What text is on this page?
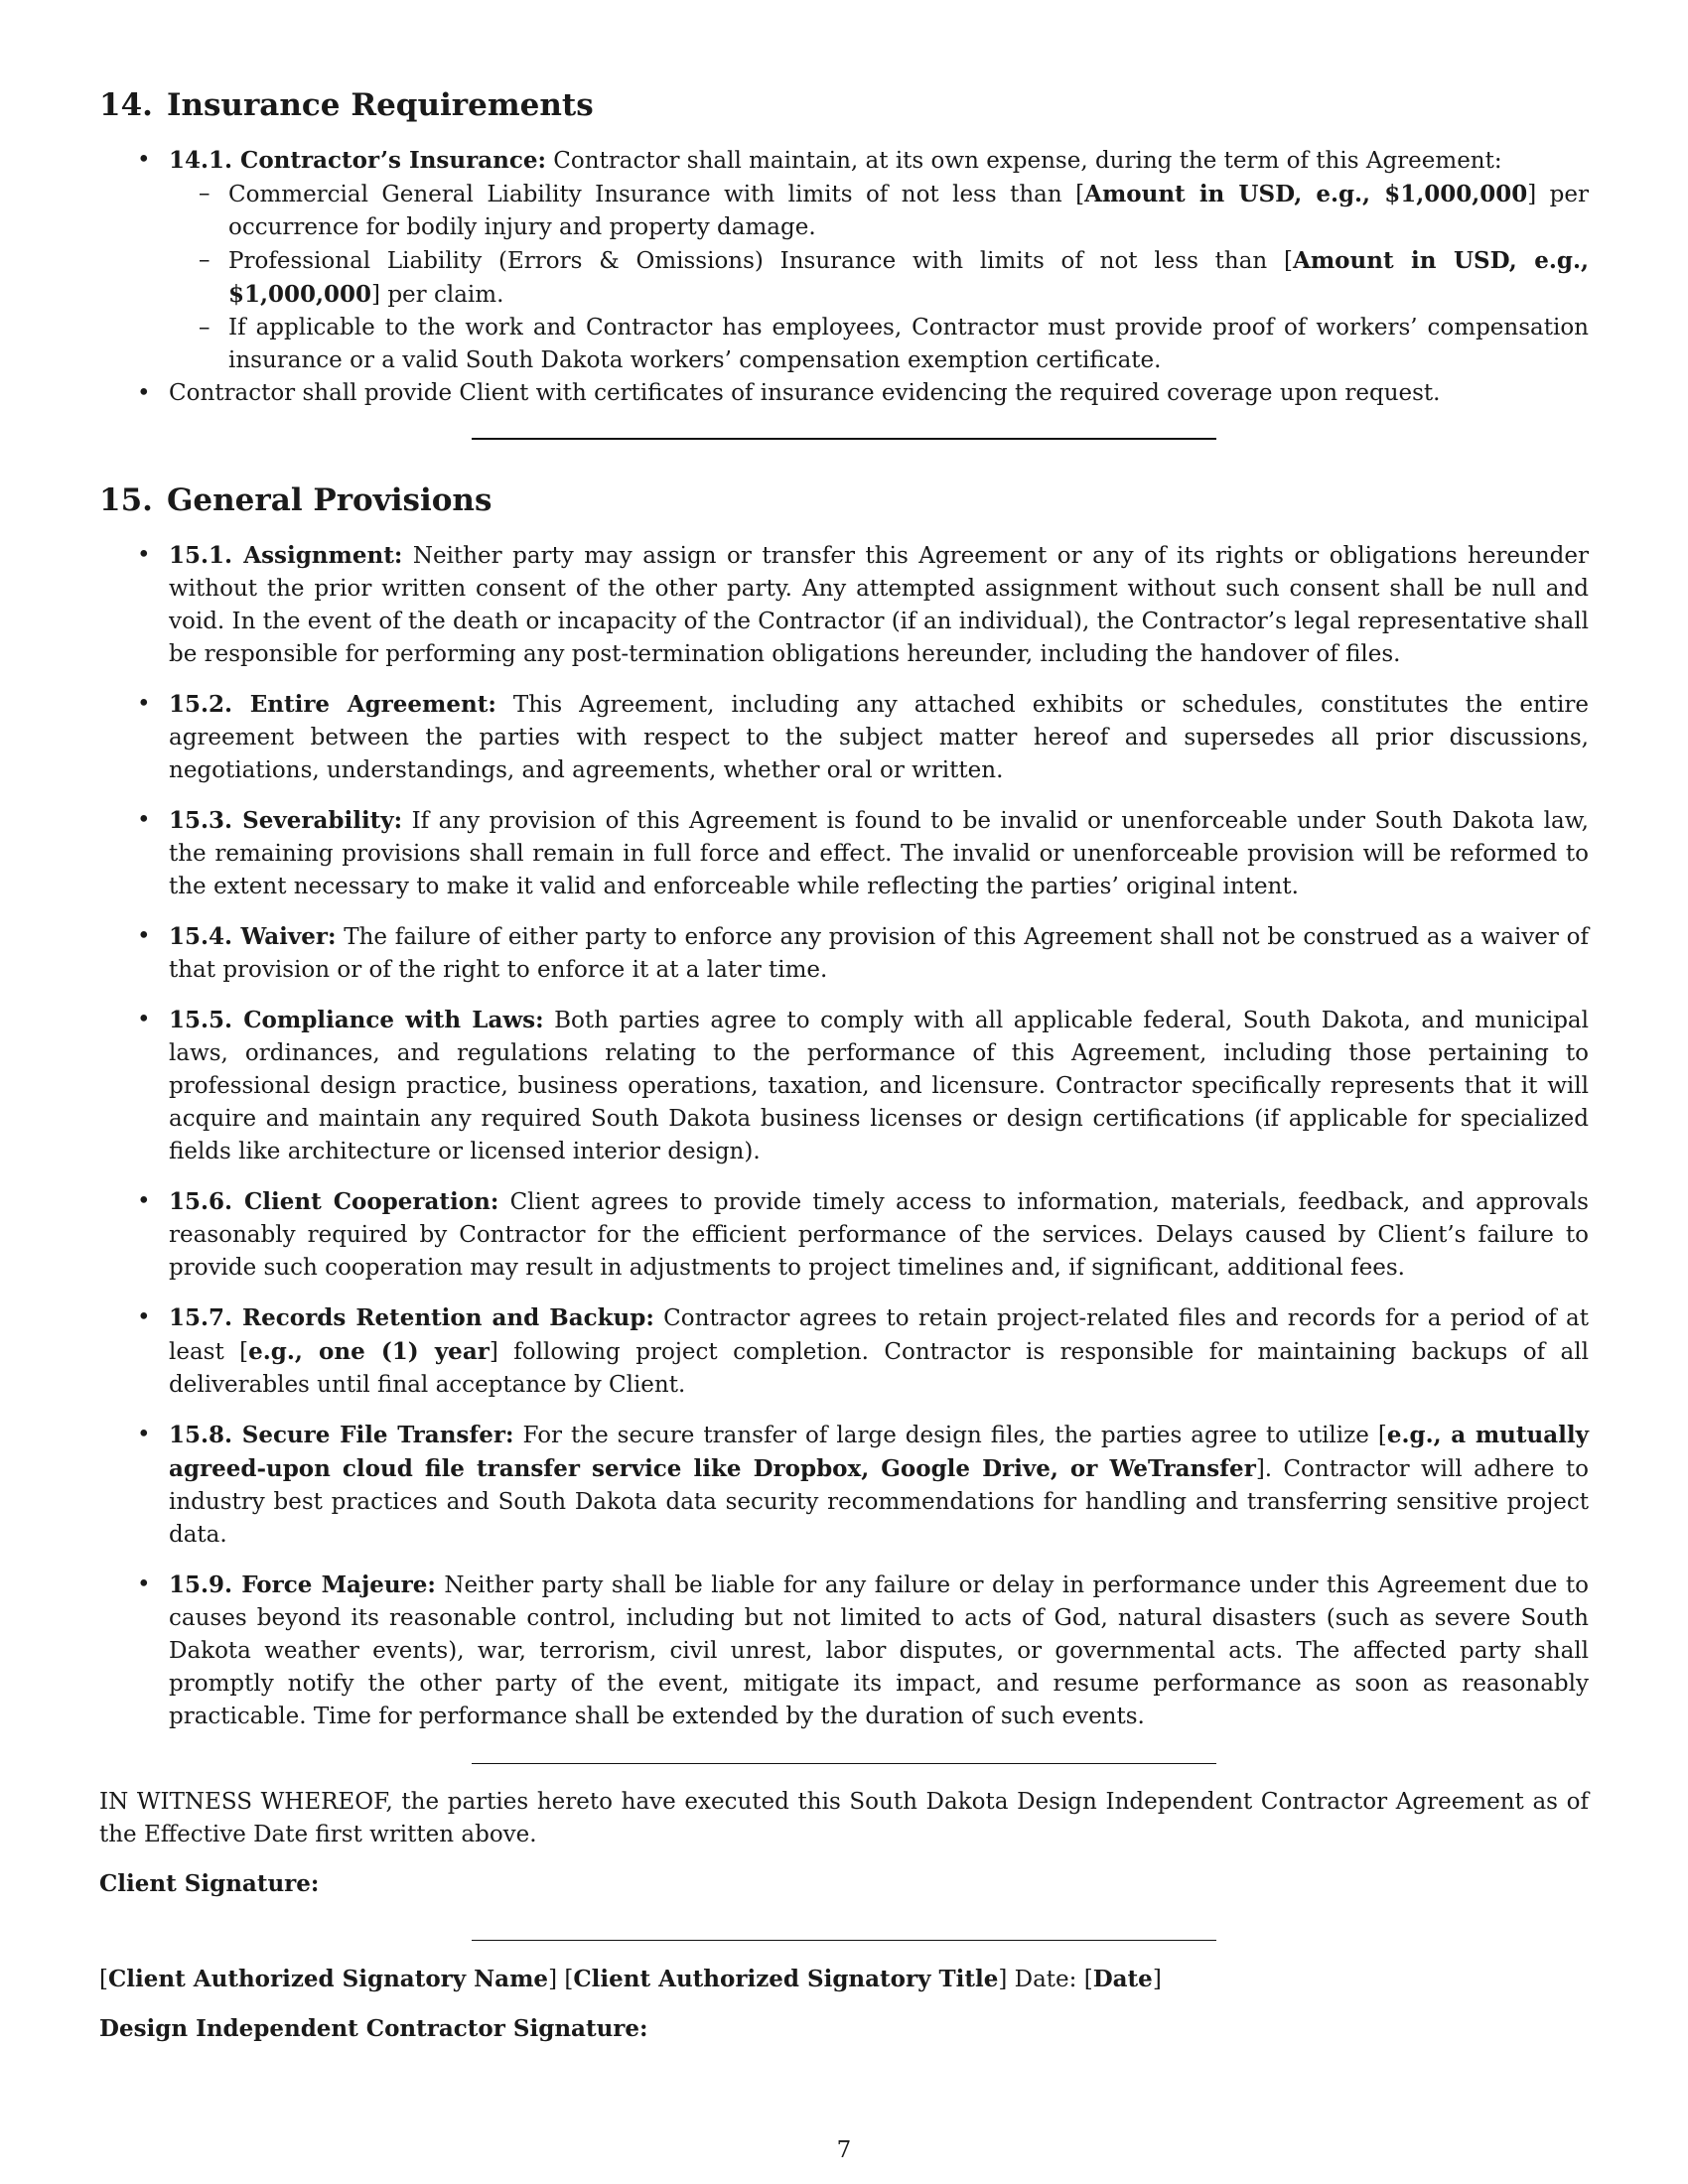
14. Insurance Requirements
• 14.1. Contractor’s Insurance: Contractor shall maintain, at its own expense, during the term of this Agreement:
– Commercial General Liability Insurance with limits of not less than [Amount in USD, e.g., $1,000,000] per occurrence for bodily injury and property damage.
– Professional Liability (Errors & Omissions) Insurance with limits of not less than [Amount in USD, e.g., $1,000,000] per claim.
– If applicable to the work and Contractor has employees, Contractor must provide proof of workers’ compensation insurance or a valid South Dakota workers’ compensation exemption certificate.
• Contractor shall provide Client with certificates of insurance evidencing the required coverage upon request.
15. General Provisions
• 15.1. Assignment: Neither party may assign or transfer this Agreement or any of its rights or obligations hereunder without the prior written consent of the other party. Any attempted assignment without such consent shall be null and void. In the event of the death or incapacity of the Contractor (if an individual), the Contractor’s legal representative shall be responsible for performing any post-termination obligations hereunder, including the handover of files.
• 15.2. Entire Agreement: This Agreement, including any attached exhibits or schedules, constitutes the entire agreement between the parties with respect to the subject matter hereof and supersedes all prior discussions, negotiations, understandings, and agreements, whether oral or written.
• 15.3. Severability: If any provision of this Agreement is found to be invalid or unenforceable under South Dakota law, the remaining provisions shall remain in full force and effect. The invalid or unenforceable provision will be reformed to the extent necessary to make it valid and enforceable while reflecting the parties’ original intent.
• 15.4. Waiver: The failure of either party to enforce any provision of this Agreement shall not be construed as a waiver of that provision or of the right to enforce it at a later time.
• 15.5. Compliance with Laws: Both parties agree to comply with all applicable federal, South Dakota, and municipal laws, ordinances, and regulations relating to the performance of this Agreement, including those pertaining to professional design practice, business operations, taxation, and licensure. Contractor specifically represents that it will acquire and maintain any required South Dakota business licenses or design certifications (if applicable for specialized fields like architecture or licensed interior design).
• 15.6. Client Cooperation: Client agrees to provide timely access to information, materials, feedback, and approvals reasonably required by Contractor for the efficient performance of the services. Delays caused by Client’s failure to provide such cooperation may result in adjustments to project timelines and, if significant, additional fees.
• 15.7. Records Retention and Backup: Contractor agrees to retain project-related files and records for a period of at least [e.g., one (1) year] following project completion. Contractor is responsible for maintaining backups of all deliverables until final acceptance by Client.
• 15.8. Secure File Transfer: For the secure transfer of large design files, the parties agree to utilize [e.g., a mutually agreed-upon cloud file transfer service like Dropbox, Google Drive, or WeTransfer]. Contractor will adhere to industry best practices and South Dakota data security recommendations for handling and transferring sensitive project data.
• 15.9. Force Majeure: Neither party shall be liable for any failure or delay in performance under this Agreement due to causes beyond its reasonable control, including but not limited to acts of God, natural disasters (such as severe South Dakota weather events), war, terrorism, civil unrest, labor disputes, or governmental acts. The affected party shall promptly notify the other party of the event, mitigate its impact, and resume performance as soon as reasonably practicable. Time for performance shall be extended by the duration of such events.

IN WITNESS WHEREOF, the parties hereto have executed this South Dakota Design Independent Contractor Agreement as of the Effective Date first written above.

Client Signature:

[Client Authorized Signatory Name] [Client Authorized Signatory Title] Date: [Date]

Design Independent Contractor Signature:
7
